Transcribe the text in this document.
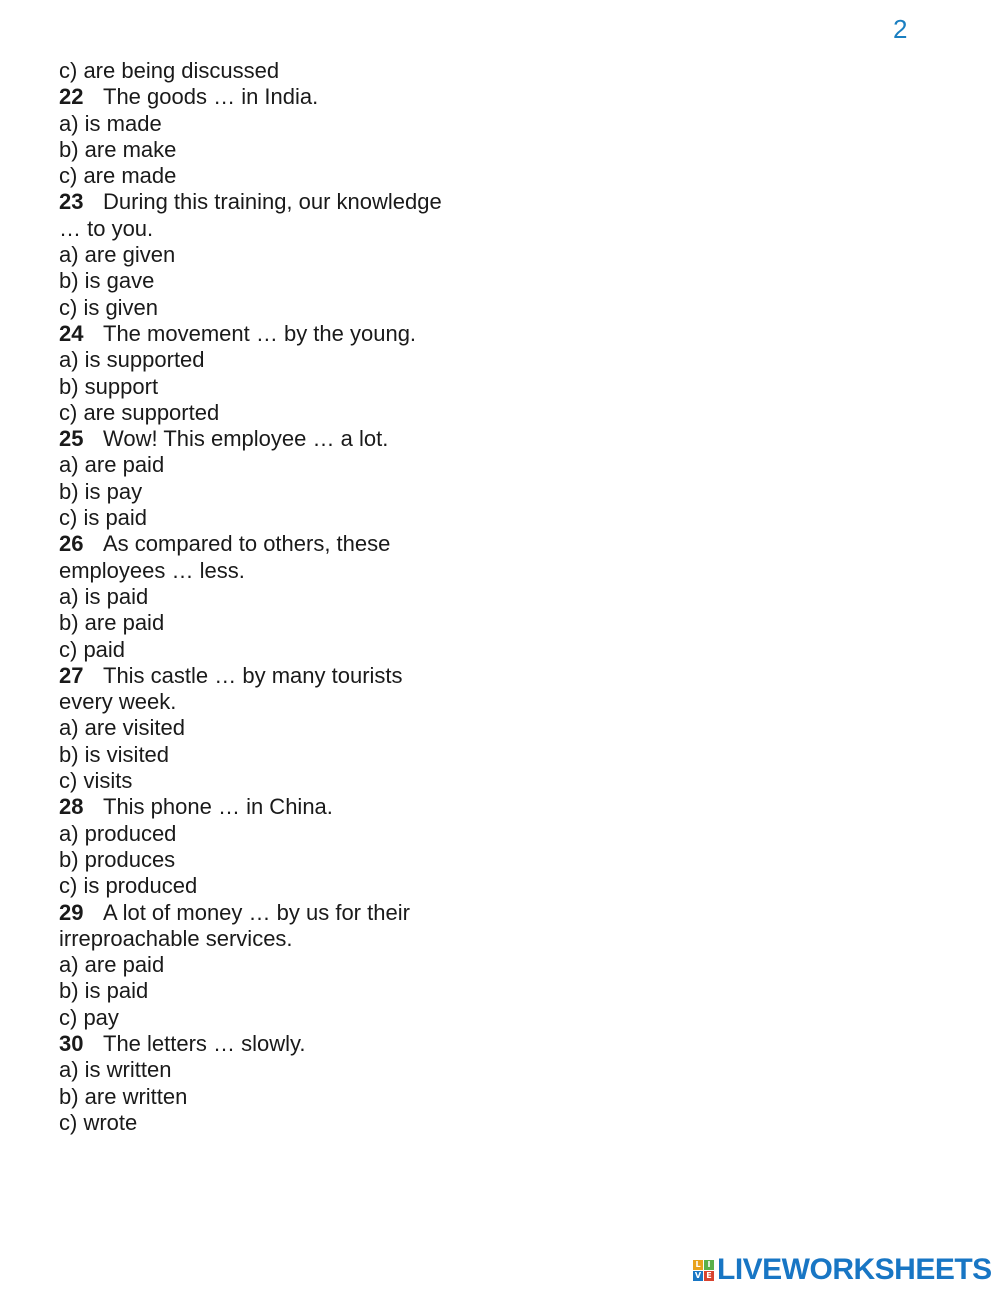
2
c) are being discussed
22 The goods … in India.
a) is made
b) are make
c) are made
23 During this training, our knowledge
… to you.
a) are given
b) is gave
c) is given
24 The movement … by the young.
a) is supported
b) support
c) are supported
25 Wow! This employee … a lot.
a) are paid
b) is pay
c) is paid
26 As compared to others, these
employees … less.
a) is paid
b) are paid
c) paid
27 This castle … by many tourists
every week.
a) are visited
b) is visited
c) visits
28 This phone … in China.
a) produced
b) produces
c) is produced
29 A lot of money … by us for their
irreproachable services.
a) are paid
b) is paid
c) pay
30 The letters … slowly.
a) is written
b) are written
c) wrote
L I
V E LIVEWORKSHEETS
